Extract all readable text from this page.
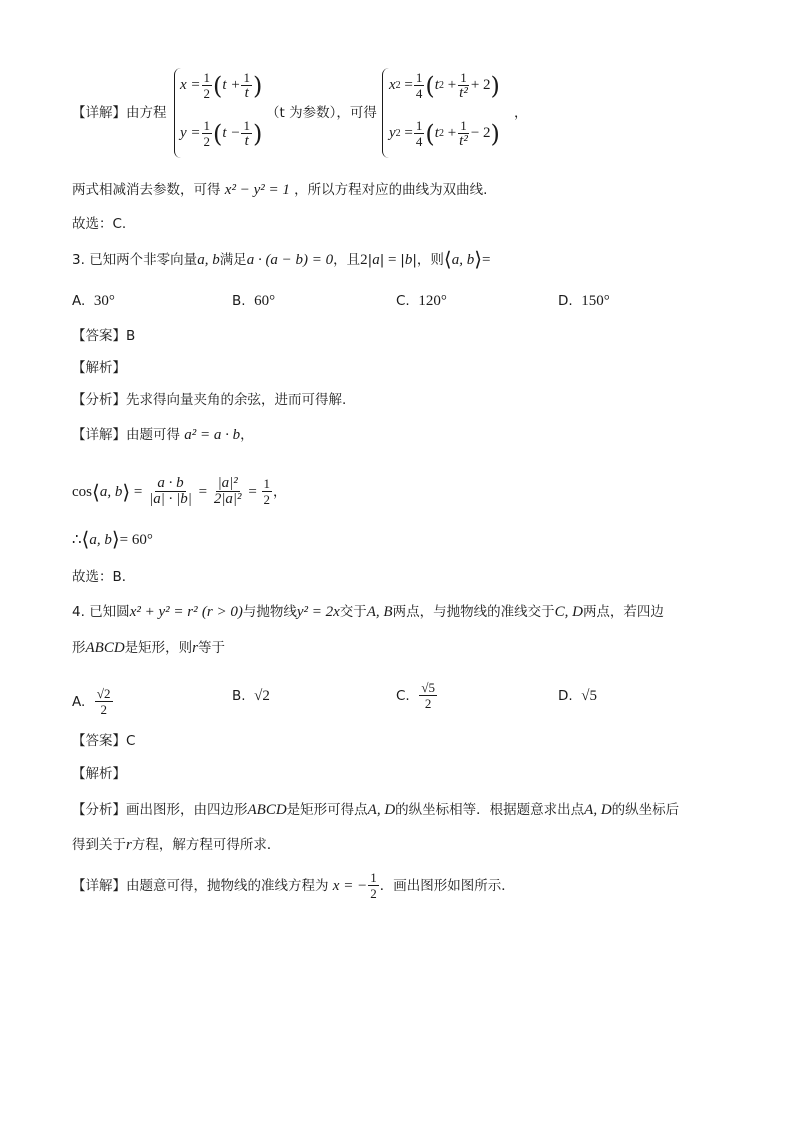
【详解】由方程
$x = \frac{1}{2}$ ( $t + \frac{1}{t}$ )
$y = \frac{1}{2}$ ( $t - \frac{1}{t}$ )
（t 为参数），可得
x $2 = \frac{1}{4}$ ( t $2 + \frac{1}{\text{t²}} + 2$ )
y $2 = \frac{1}{4}$ ( t $2 + \frac{1}{\text{t²}} - 2$ )
，
两式相减消去参数，可得 x² − y² = 1 ，所以方程对应的曲线为双曲线.
故选：C.
3. 已知两个非零向量a, b满足a · (a − b) = 0，且2|a| = |b|，则⟨a, b⟩=
A. 30°	B. 60°	C. 120°	D. 150°
【答案】B
【解析】
【分析】先求得向量夹角的余弦，进而可得解.
【详解】由题可得 a² = a · b，
cos ⟨ a, b ⟩ = $\frac{a \cdot b}{|a| \cdot |b|} = \frac{\text{|a|²}}{\text{2|a|²}} = \frac{1}{2}$ ，
∴⟨a, b⟩= 60°
故选：B．
4. 已知圆x² + y² = r² (r > 0)与抛物线y² = 2x交于A, B两点，与抛物线的准线交于C, D两点，若四边
形ABCD是矩形，则r等于
A.
$\frac{√2}{2}$	B. √2	C.
$\frac{√5}{2}$	D. √5
【答案】C
【解析】
【分析】画出图形，由四边形ABCD是矩形可得点A, D的纵坐标相等．根据题意求出点A, D的纵坐标后
得到关于r方程，解方程可得所求．
【详解】 由题意可得，抛物线的准线方程为
x = − $\frac{1}{2}$ ．画出图形如图所示．
